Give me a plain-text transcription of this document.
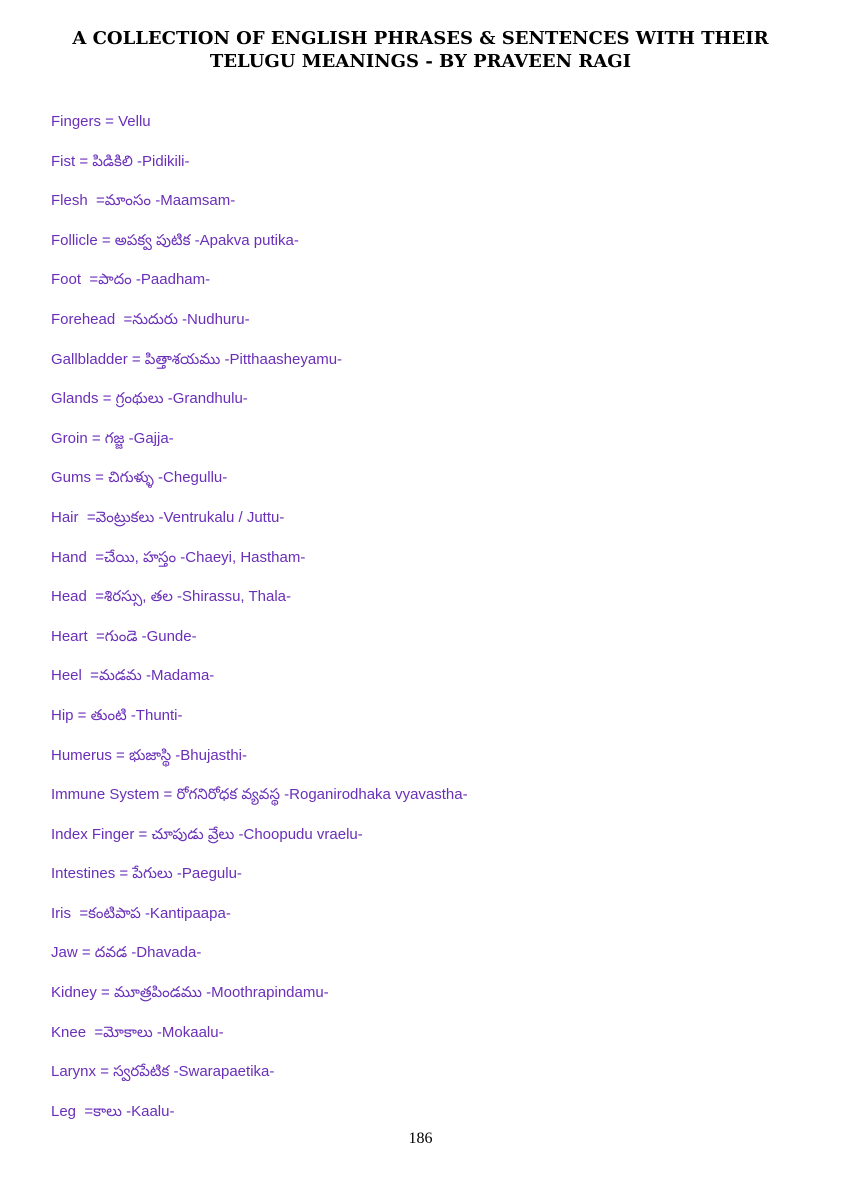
A COLLECTION OF ENGLISH PHRASES & SENTENCES WITH THEIR
TELUGU MEANINGS - BY PRAVEEN RAGI
Fingers = Vellu
Fist = పిడికిలి -Pidikili-
Flesh  =మాంసం -Maamsam-
Follicle = అపక్వ పుటిక -Apakva putika-
Foot  =పాదం -Paadham-
Forehead  =నుదురు -Nudhuru-
Gallbladder = పిత్తాశయము -Pitthaasheyamu-
Glands = గ్రంథులు -Grandhulu-
Groin = గజ్జ -Gajja-
Gums = చిగుళ్ళు -Chegullu-
Hair  =వెంట్రుకలు -Ventrukalu / Juttu-
Hand  =చేయి, హస్తం -Chaeyi, Hastham-
Head  =శిరస్సు, తల -Shirassu, Thala-
Heart  =గుండె -Gunde-
Heel  =మడమ -Madama-
Hip = తుంటి -Thunti-
Humerus = భుజాస్థి -Bhujasthi-
Immune System = రోగనిరోధక వ్యవస్థ -Roganirodhaka vyavastha-
Index Finger = చూపుడు వ్రేలు -Choopudu vraelu-
Intestines = పేగులు -Paegulu-
Iris  =కంటిపాప -Kantipaapa-
Jaw = దవడ -Dhavada-
Kidney = మూత్రపిండము -Moothrapindamu-
Knee  =మోకాలు -Mokaalu-
Larynx = స్వరపేటిక -Swarapaetika-
Leg  =కాలు -Kaalu-
186
